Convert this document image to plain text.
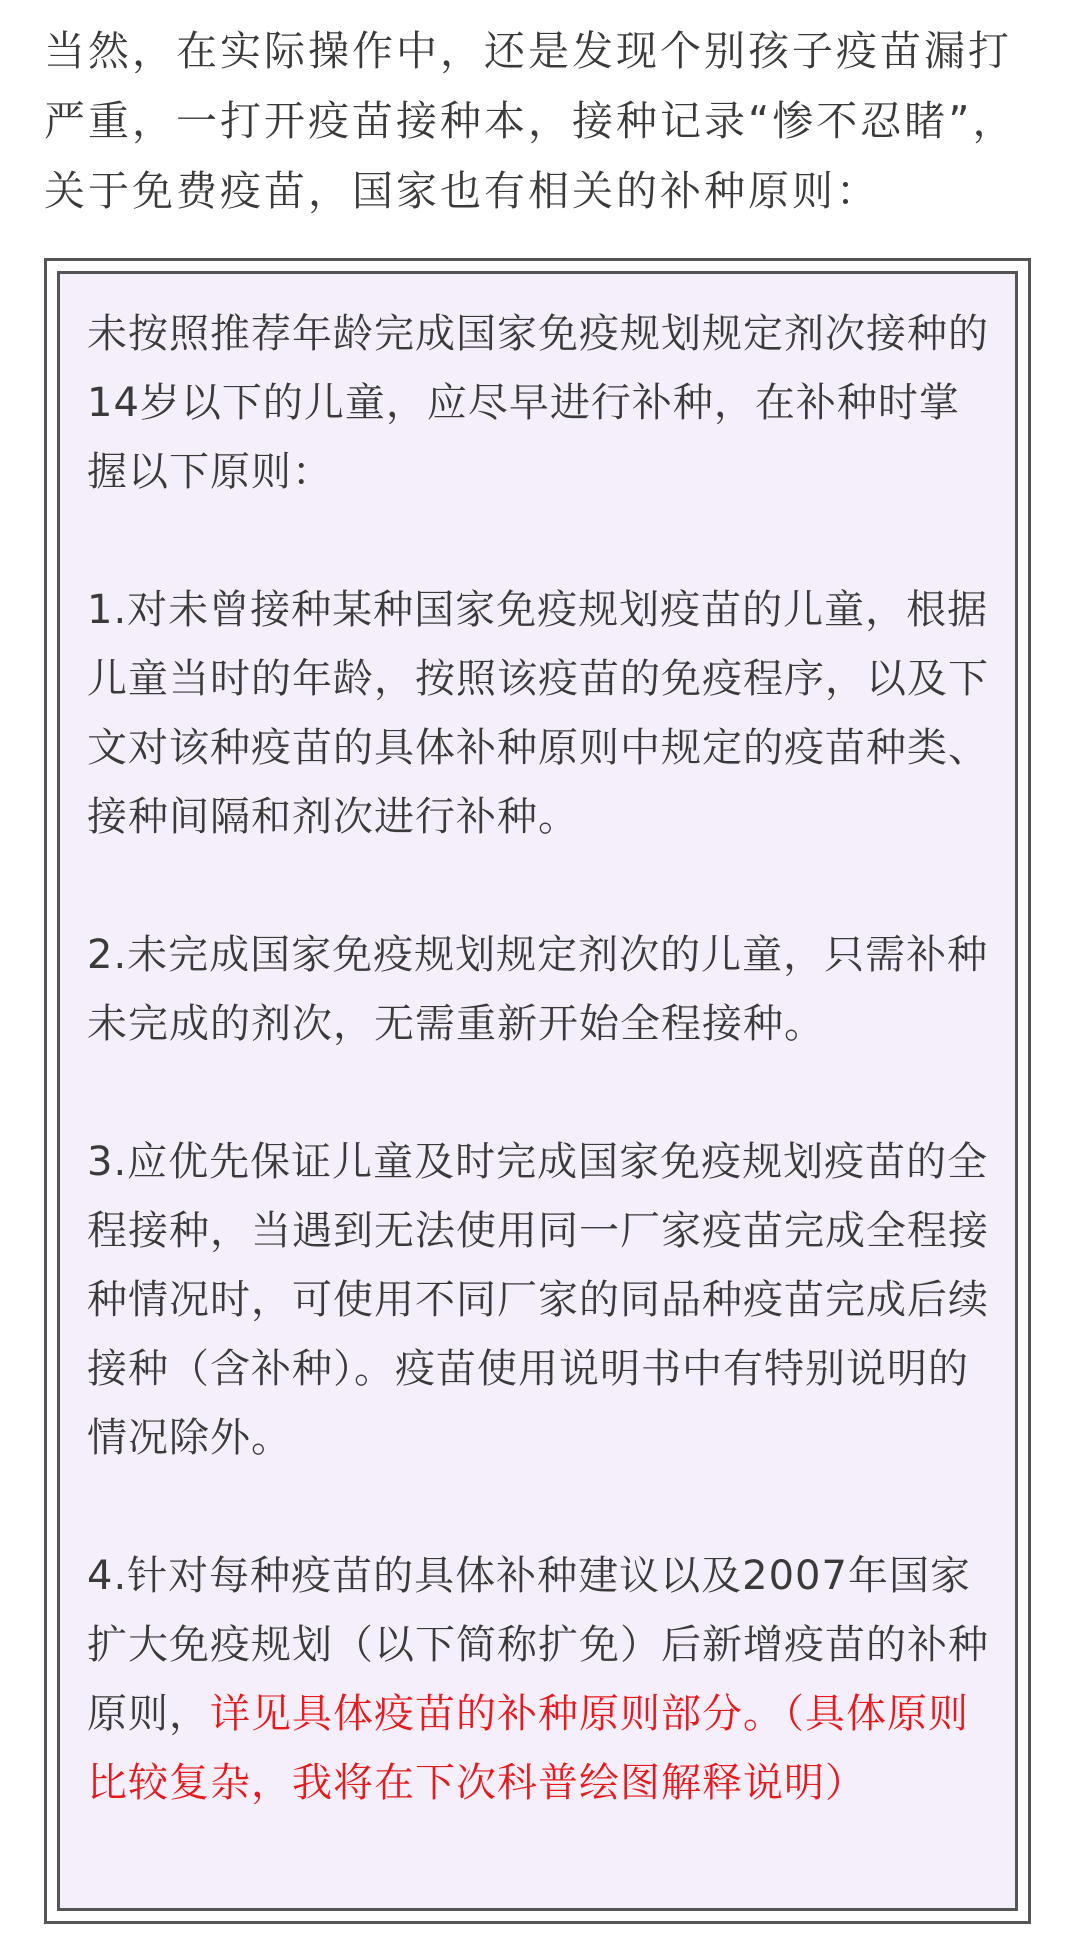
当然，在实际操作中，还是发现个别孩子疫苗漏打严重，一打开疫苗接种本，接种记录“惨不忍睹”，关于免费疫苗，国家也有相关的补种原则：

未按照推荐年龄完成国家免疫规划规定剂次接种的14岁以下的儿童，应尽早进行补种，在补种时掌握以下原则：

1.对未曾接种某种国家免疫规划疫苗的儿童，根据儿童当时的年龄，按照该疫苗的免疫程序，以及下文对该种疫苗的具体补种原则中规定的疫苗种类、接种间隔和剂次进行补种。

2.未完成国家免疫规划规定剂次的儿童，只需补种未完成的剂次，无需重新开始全程接种。

3.应优先保证儿童及时完成国家免疫规划疫苗的全程接种，当遇到无法使用同一厂家疫苗完成全程接种情况时，可使用不同厂家的同品种疫苗完成后续接种（含补种）。疫苗使用说明书中有特别说明的情况除外。

4.针对每种疫苗的具体补种建议以及2007年国家扩大免疫规划（以下简称扩免）后新增疫苗的补种原则，详见具体疫苗的补种原则部分。（具体原则比较复杂，我将在下次科普绘图解释说明）
